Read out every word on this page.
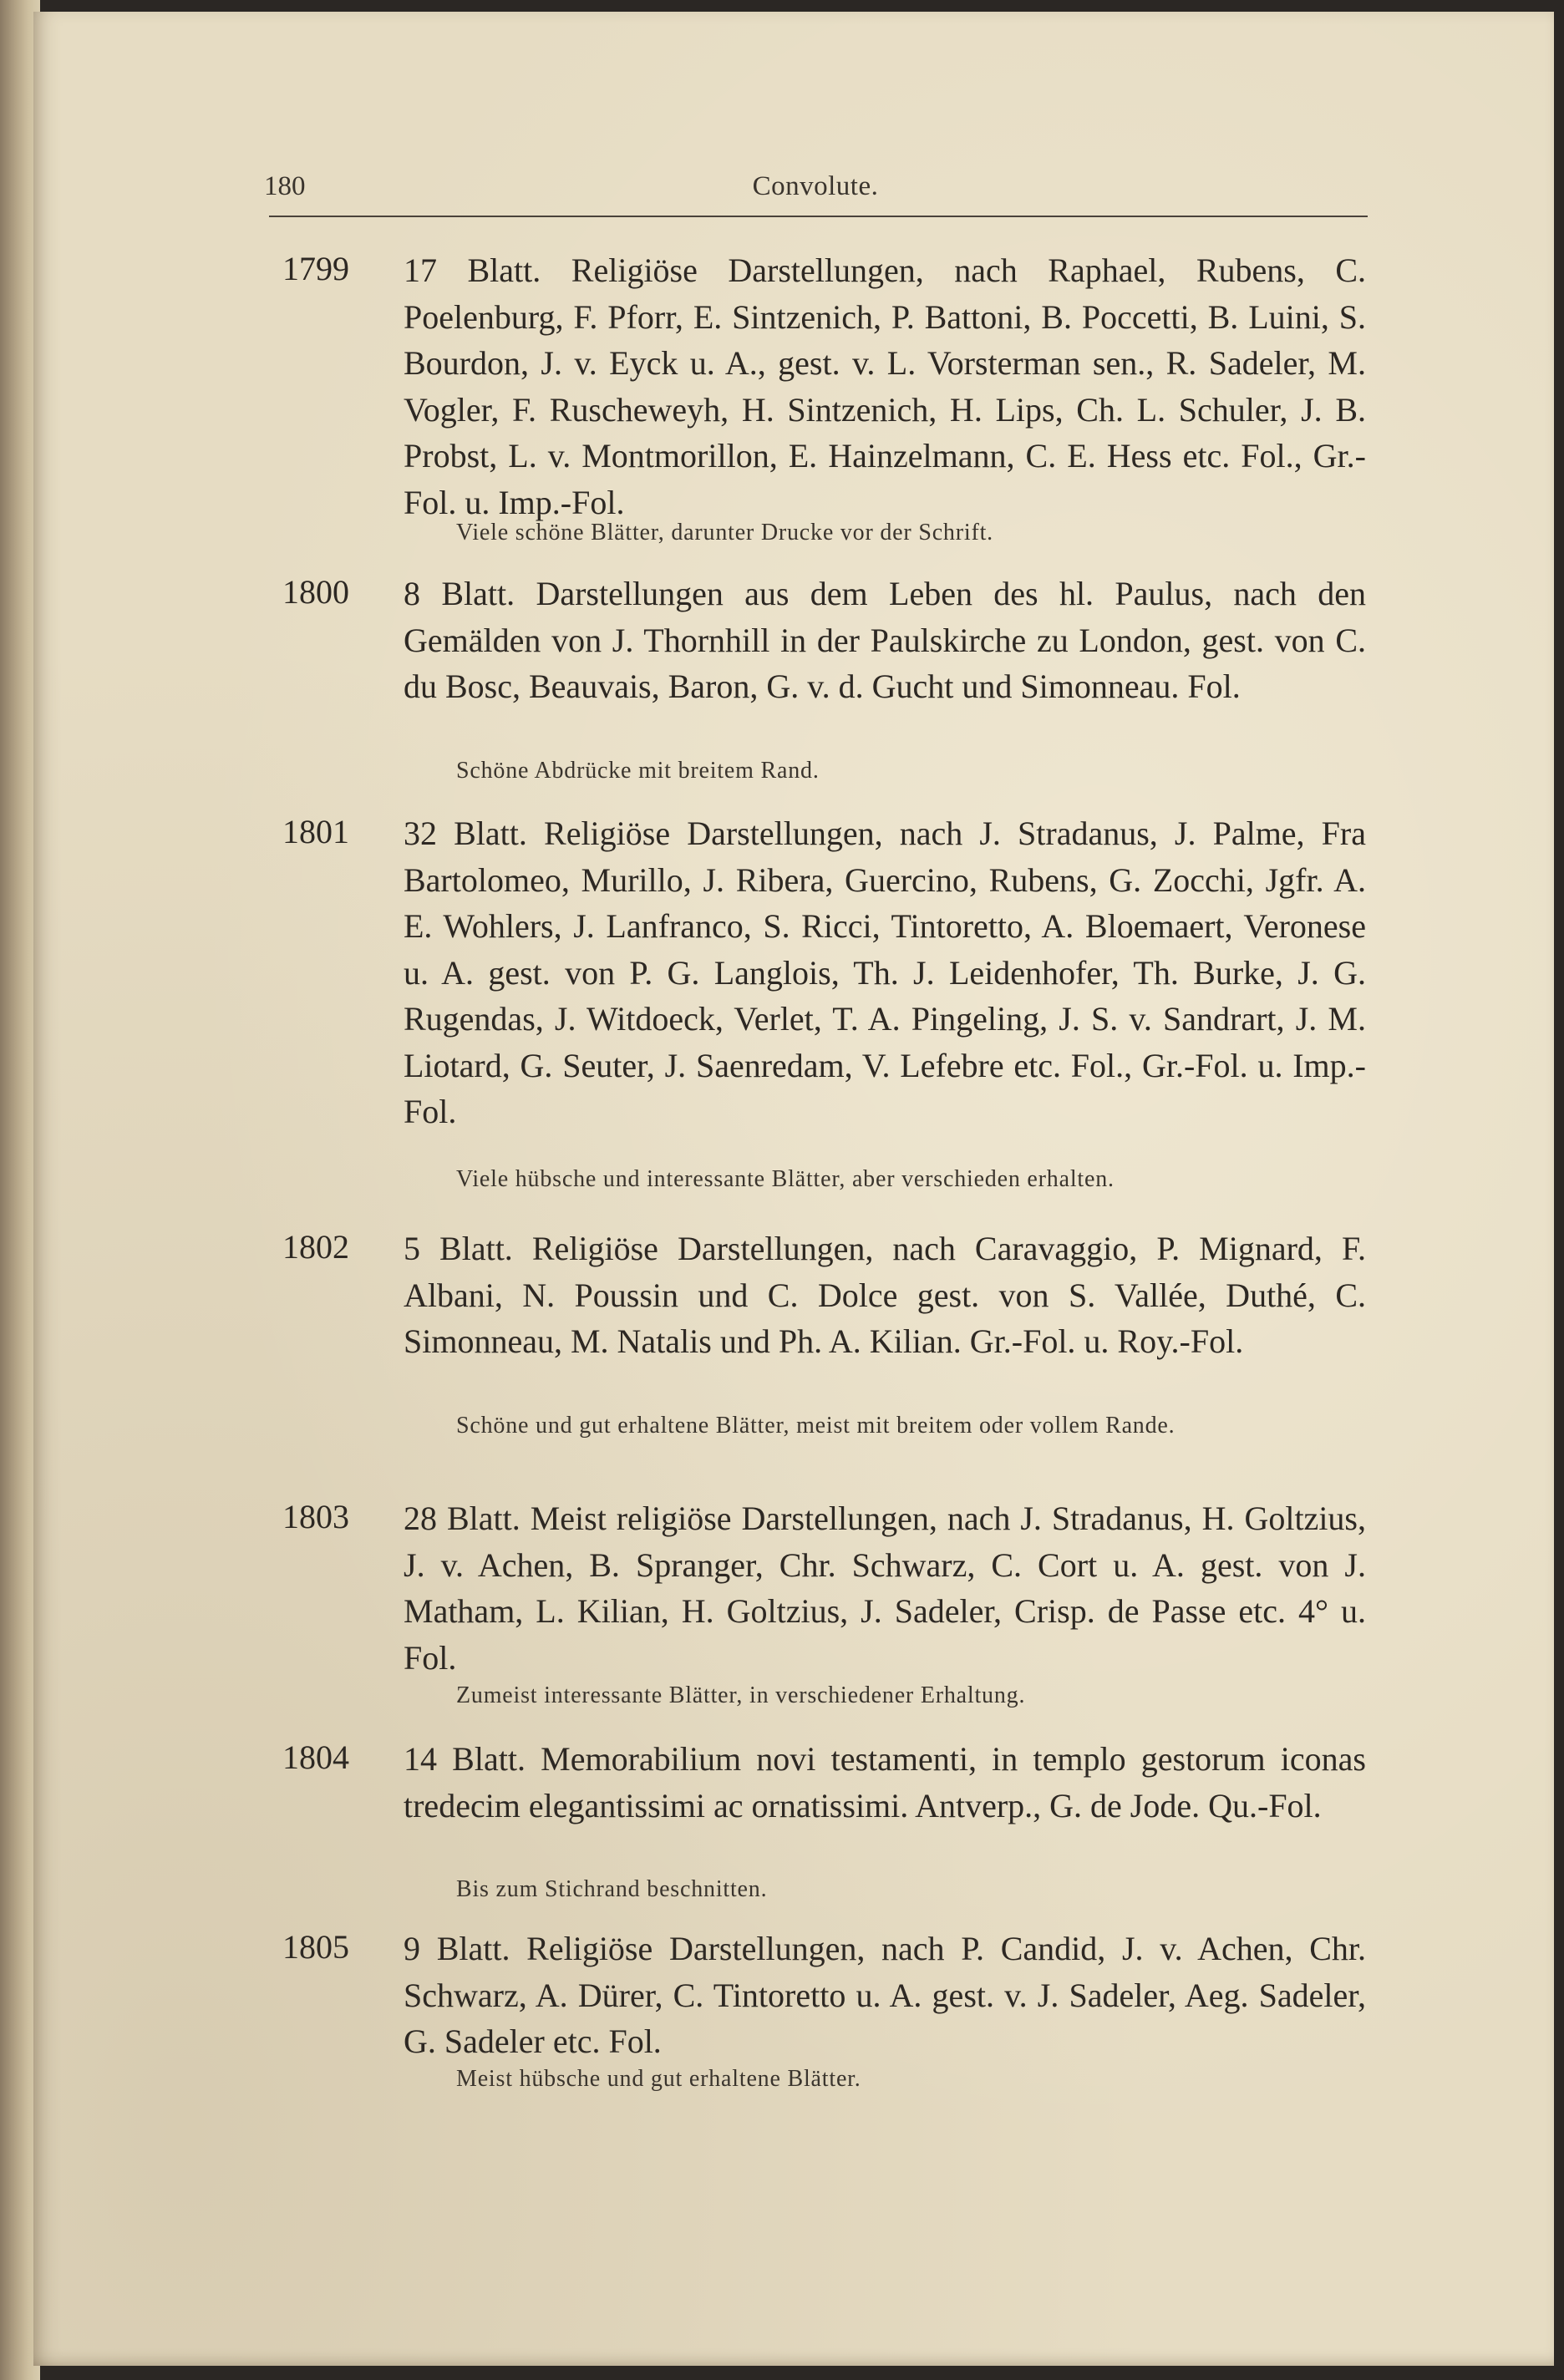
180	Convolute.
1799 17 Blatt. Religiöse Darstellungen, nach Raphael, Rubens, C. Poelenburg, F. Pforr, E. Sintzenich, P. Battoni, B. Poccetti, B. Luini, S. Bourdon, J. v. Eyck u. A., gest. v. L. Vorsterman sen., R. Sadeler, M. Vogler, F. Ruscheweyh, H. Sintzenich, H. Lips, Ch. L. Schuler, J. B. Probst, L. v. Montmorillon, E. Hainzelmann, C. E. Hess etc. Fol., Gr.-Fol. u. Imp.-Fol.
Viele schöne Blätter, darunter Drucke vor der Schrift.
1800 8 Blatt. Darstellungen aus dem Leben des hl. Paulus, nach den Gemälden von J. Thornhill in der Paulskirche zu London, gest. von C. du Bosc, Beauvais, Baron, G. v. d. Gucht und Simonneau. Fol.
Schöne Abdrücke mit breitem Rand.
1801 32 Blatt. Religiöse Darstellungen, nach J. Stradanus, J. Palme, Fra Bartolomeo, Murillo, J. Ribera, Guercino, Rubens, G. Zocchi, Jgfr. A. E. Wohlers, J. Lanfranco, S. Ricci, Tintoretto, A. Bloemaert, Veronese u. A. gest. von P. G. Langlois, Th. J. Leidenhofer, Th. Burke, J. G. Rugendas, J. Witdoeck, Verlet, T. A. Pingeling, J. S. v. Sandrart, J. M. Liotard, G. Seuter, J. Saenredam, V. Lefebre etc. Fol., Gr.-Fol. u. Imp.-Fol.
Viele hübsche und interessante Blätter, aber verschieden erhalten.
1802 5 Blatt. Religiöse Darstellungen, nach Caravaggio, P. Mignard, F. Albani, N. Poussin und C. Dolce gest. von S. Vallée, Duthé, C. Simonneau, M. Natalis und Ph. A. Kilian. Gr.-Fol. u. Roy.-Fol.
Schöne und gut erhaltene Blätter, meist mit breitem oder vollem Rande.
1803 28 Blatt. Meist religiöse Darstellungen, nach J. Stradanus, H. Goltzius, J. v. Achen, B. Spranger, Chr. Schwarz, C. Cort u. A. gest. von J. Matham, L. Kilian, H. Goltzius, J. Sadeler, Crisp. de Passe etc. 4° u. Fol.
Zumeist interessante Blätter, in verschiedener Erhaltung.
1804 14 Blatt. Memorabilium novi testamenti, in templo gestorum iconas tredecim elegantissimi ac ornatissimi. Antverp., G. de Jode. Qu.-Fol.
Bis zum Stichrand beschnitten.
1805 9 Blatt. Religiöse Darstellungen, nach P. Candid, J. v. Achen, Chr. Schwarz, A. Dürer, C. Tintoretto u. A. gest. v. J. Sadeler, Aeg. Sadeler, G. Sadeler etc. Fol.
Meist hübsche und gut erhaltene Blätter.
